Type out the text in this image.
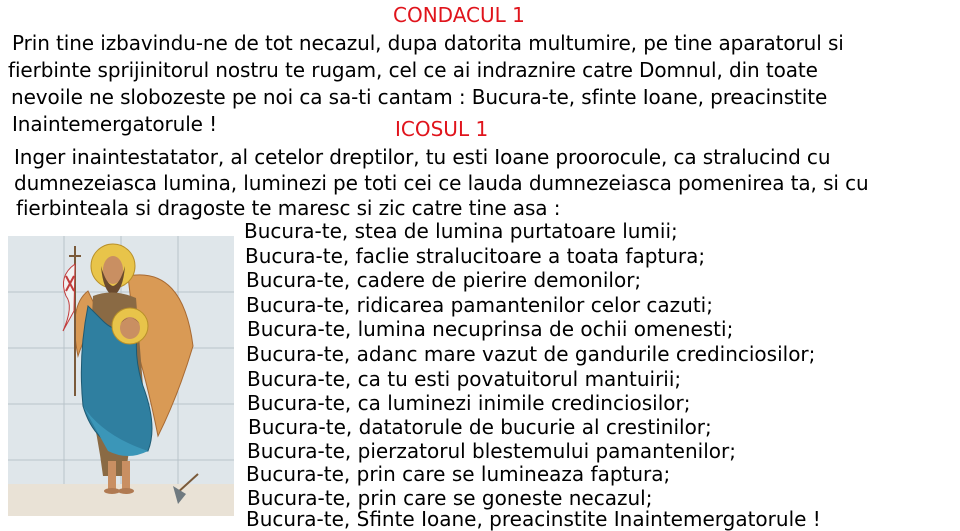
CONDACUL 1
Prin tine izbavindu-ne de tot necazul, dupa datorita multumire, pe tine aparatorul si
fierbinte sprijinitorul nostru te rugam, cel ce ai indraznire catre Domnul, din toate
nevoile ne slobozeste pe noi ca sa-ti cantam : Bucura-te, sfinte Ioane, preacinstite
Inaintemergatorule !	ICOSUL 1
Inger inaintestatator, al cetelor dreptilor, tu esti Ioane proorocule, ca stralucind cu
dumnezeiasca lumina, luminezi pe toti cei ce lauda dumnezeiasca pomenirea ta, si cu
fierbinteala si dragoste te maresc si zic catre tine asa :
Bucura-te, stea de lumina purtatoare lumii;
Bucura-te, faclie stralucitoare a toata faptura;
Bucura-te, cadere de pierire demonilor;
Bucura-te, ridicarea pamantenilor celor cazuti;
Bucura-te, lumina necuprinsa de ochii omenesti;
Bucura-te, adanc mare vazut de gandurile credinciosilor;
Bucura-te, ca tu esti povatuitorul mantuirii;
Bucura-te, ca luminezi inimile credinciosilor;
Bucura-te, datatorule de bucurie al crestinilor;
Bucura-te, pierzatorul blestemului pamantenilor;
Bucura-te, prin care se lumineaza faptura;
Bucura-te, prin care se goneste necazul;
Bucura-te, Sfinte Ioane, preacinstite Inaintemergatorule !
